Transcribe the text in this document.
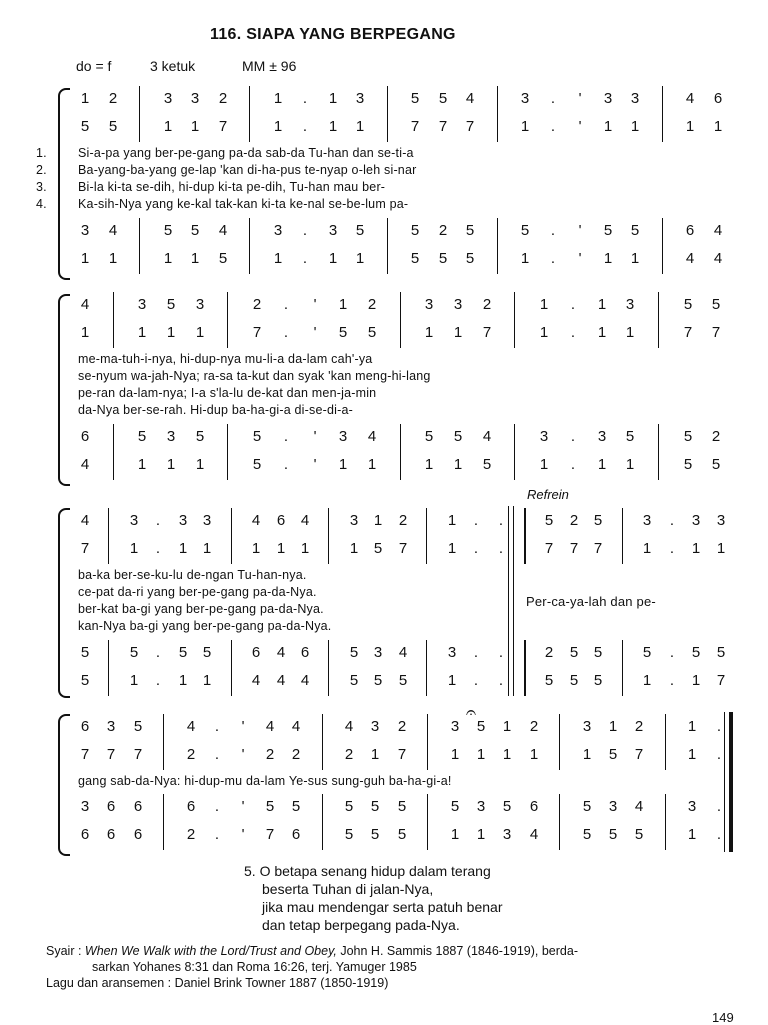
116. SIAPA YANG BERPEGANG
do = f	3 ketuk	MM ± 96
1 2	3 3 2	1	.	1 3	5 5 4	3	.	'	3 3	4 6
5 5	1 1 7	1	.	1 1	7 7 7	1	.	'	1 1	1 1
1. Si-a-pa yang ber-pe-gang pa-da sab-da Tu-han dan se-ti-a
2. Ba-yang-ba-yang ge-lap 'kan di-ha-pus te-nyap o-leh si-nar
3. Bi-la ki-ta se-dih, hi-dup ki-ta pe-dih, Tu-han mau ber-
4. Ka-sih-Nya yang ke-kal tak-kan ki-ta ke-nal se-be-lum pa-
3 4	5 5 4	3	.	3 5	5 2 5	5	.	'	5 5	6 4
1 1	1 1 5	1	.	1 1	5 5 5	1	.	'	1 1	4 4
4	3 5 3	2	.	'	1 2	3 3 2	1	.	1 3	5 5
1	1 1 1	7	.	'	5 5	1 1 7	1	.	1 1	7 7
me-ma-tuh-i-nya, hi-dup-nya mu-li-a da-lam cah'-ya
se-nyum wa-jah-Nya; ra-sa ta-kut dan syak 'kan meng-hi-lang
pe-ran da-lam-nya; I-a s'la-lu de-kat dan men-ja-min
da-Nya ber-se-rah. Hi-dup ba-ha-gi-a di-se-di-a-
6	5 3 5	5	.	'	3 4	5 5 4	3	.	3 5	5 2
4	1 1 1	5	.	'	1 1	1 1 5	1	.	1 1	5 5
Refrein
4	3	.	3 3	4 6 4	3 1 2	1	.	.	5 2 5	3	.	3 3
7	1	.	1 1	1 1 1	1 5 7	1	.	.	7 7 7	1	.	1 1
ba-ka ber-se-ku-lu de-ngan Tu-han-nya.
ce-pat da-ri yang ber-pe-gang pa-da-Nya.
ber-kat ba-gi yang ber-pe-gang pa-da-Nya.
kan-Nya ba-gi yang ber-pe-gang pa-da-Nya.
Per-ca-ya-lah dan pe-
5	5	.	5 5	6 4 6	5 3 4	3	.	.	2 5 5	5	.	5 5
5	1	.	1 1	4 4 4	5 5 5	1	.	.	5 5 5	1	.	1 7
𝄐
6 3 5	4	.	'	4 4	4 3 2	3 5 1 2	3 1 2	1	.
7 7 7	2	.	'	2 2	2 1 7	1 1 1 1	1 5 7	1	.
gang sab-da-Nya: hi-dup-mu da-lam Ye-sus sung-guh ba-ha-gi-a!
3 6 6	6	.	'	5 5	5 5 5	5 3 5 6	5 3 4	3	.
6 6 6	2	.	'	7 6	5 5 5	1 1 3 4	5 5 5	1	.
5. O betapa senang hidup dalam terang
beserta Tuhan di jalan-Nya,
jika mau mendengar serta patuh benar
dan tetap berpegang pada-Nya.
Syair : When We Walk with the Lord/Trust and Obey, John H. Sammis 1887 (1846-1919), berda-
sarkan Yohanes 8:31 dan Roma 16:26, terj. Yamuger 1985
Lagu dan aransemen : Daniel Brink Towner 1887 (1850-1919)
149
